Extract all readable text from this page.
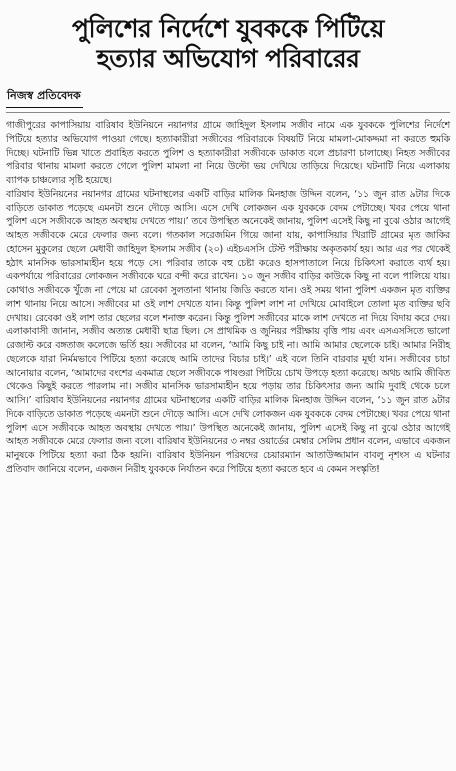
পুলিশের নির্দেশে যুবককে পিটিয়ে
হত্যার অভিযোগ পরিবারের
নিজস্ব প্রতিবেদক

গাজীপুরের কাপাসিয়ায় বারিষাব ইউনিয়নে নয়ানগর গ্রামে জাহিদুল ইসলাম সজীব নামে এক যুবককে পুলিশের নির্দেশে পিটিয়ে হত্যার অভিযোগ পাওয়া গেছে। হত্যাকারীরা সজীবের পরিবারকে বিষয়টি নিয়ে মামলা-মোকদ্দমা না করতে হুমকি দিচ্ছে। ঘটনাটি ভিন্ন খাতে প্রবাহিত করতে পুলিশ ও হত্যাকারীরা সজীবকে ডাকাত বলে প্রচারণা চালাচ্ছে। নিহত সজীবের পরিবার থানায় মামলা করতে গেলে পুলিশ মামলা না নিয়ে উল্টো ভয় দেখিয়ে তাড়িয়ে দিয়েছে। ঘটনাটি নিয়ে এলাকায় ব্যাপক চাঞ্চল্যের সৃষ্টি হয়েছে।

বারিষাব ইউনিয়নের নয়ানগর গ্রামের ঘটনাস্থলের একটি বাড়ির মালিক মিনহাজ উদ্দিন বলেন, ‘১১ জুন রাত ৯টার দিকে বাড়িতে ডাকাত পড়েছে এমনটা শুনে দৌড়ে আসি। এসে দেখি লোকজন এক যুবককে বেদম পেটাচ্ছে। খবর পেয়ে থানা পুলিশ এসে সজীবকে আহত অবস্থায় দেখতে পায়।’ তবে উপস্থিত অনেকেই জানায়, পুলিশ এসেই কিছু না বুঝে ওঠার আগেই আহত সজীবকে মেরে ফেলার জন্য বলে। গতকাল সরেজমিন গিয়ে জানা যায়, কাপাসিয়ার খিরাটি গ্রামের মৃত জাকির হোসেন মুকুলের ছেলে মেধাবী জাহিদুল ইসলাম সজীব (২০) এইচএসসি টেস্ট পরীক্ষায় অকৃতকার্য হয়। আর এর পর থেকেই হঠাৎ মানসিক ভারসাম্যহীন হয়ে পড়ে সে। পরিবার তাকে বহু চেষ্টা করেও হাসপাতালে নিয়ে চিকিৎসা করাতে ব্যর্থ হয়। একপর্যায়ে পরিবারের লোকজন সজীবকে ঘরে বন্দী করে রাখেন। ১০ জুন সজীব বাড়ির কাউকে কিছু না বলে পালিয়ে যায়। কোথাও সজীবকে খুঁজে না পেয়ে মা রেবেকা সুলতানা থানায় জিডি করতে যান। ওই সময় থানা পুলিশ একজন মৃত ব্যক্তির লাশ থানায় নিয়ে আসে। সজীবের মা ওই লাশ দেখতে যান। কিন্তু পুলিশ লাশ না দেখিয়ে মোবাইলে তোলা মৃত ব্যক্তির ছবি দেখায়। রেবেকা ওই লাশ তার ছেলের বলে শনাক্ত করেন। কিন্তু পুলিশ সজীবের মাকে লাশ দেখতে না দিয়ে বিদায় করে দেয়। এলাকাবাসী জানান, সজীব অত্যন্ত মেধাবী ছাত্র ছিল। সে প্রাথমিক ও জুনিয়র পরীক্ষায় বৃত্তি পায় এবং এসএসসিতে ভালো রেজাল্ট করে বঙ্গতাজ কলেজে ভর্তি হয়। সজীবের মা বলেন, ‘আমি কিছু চাই না। আমি আমার ছেলেকে চাই। আমার নিরীহ ছেলেকে যারা নির্মমভাবে পিটিয়ে হত্যা করেছে আমি তাদের বিচার চাই।’ এই বলে তিনি বারবার মূর্ছা যান। সজীবের চাচা আনোয়ার বলেন, ‘আমাদের বংশের একমাত্র ছেলে সজীবকে পাষণ্ডরা পিটিয়ে চোখ উপড়ে হত্যা করেছে। অথচ আমি জীবিত থেকেও কিছুই করতে পারলাম না। সজীব মানসিক ভারসাম্যহীন হয়ে পড়ায় তার চিকিৎসার জন্য আমি দুবাই থেকে চলে আসি।’ বারিষাব ইউনিয়নের নয়ানগর গ্রামের ঘটনাস্থলের একটি বাড়ির মালিক মিনহাজ উদ্দিন বলেন, ‘১১ জুন রাত ৯টার দিকে বাড়িতে ডাকাত পড়েছে এমনটা শুনে দৌড়ে আসি। এসে দেখি লোকজন এক যুবককে বেদম পেটাচ্ছে। খবর পেয়ে থানা পুলিশ এসে সজীবকে আহত অবস্থায় দেখতে পায়।’ উপস্থিত অনেকেই জানায়, পুলিশ এসেই কিছু না বুঝে ওঠার আগেই আহত সজীবকে মেরে ফেলার জন্য বলে। বারিষাব ইউনিয়নের ৩ নম্বর ওয়ার্ডের মেম্বার সেলিম প্রধান বলেন, এভাবে একজন মানুষকে পিটিয়ে হত্যা করা ঠিক হয়নি। বারিষাব ইউনিয়ন পরিষদের চেয়ারম্যান আতাউজ্জামান বাবলু নৃশংস এ ঘটনার প্রতিবাদ জানিয়ে বলেন, একজন নিরীহ যুবককে নির্যাতন করে পিটিয়ে হত্যা করতে হবে এ কেমন সংস্কৃতি!
